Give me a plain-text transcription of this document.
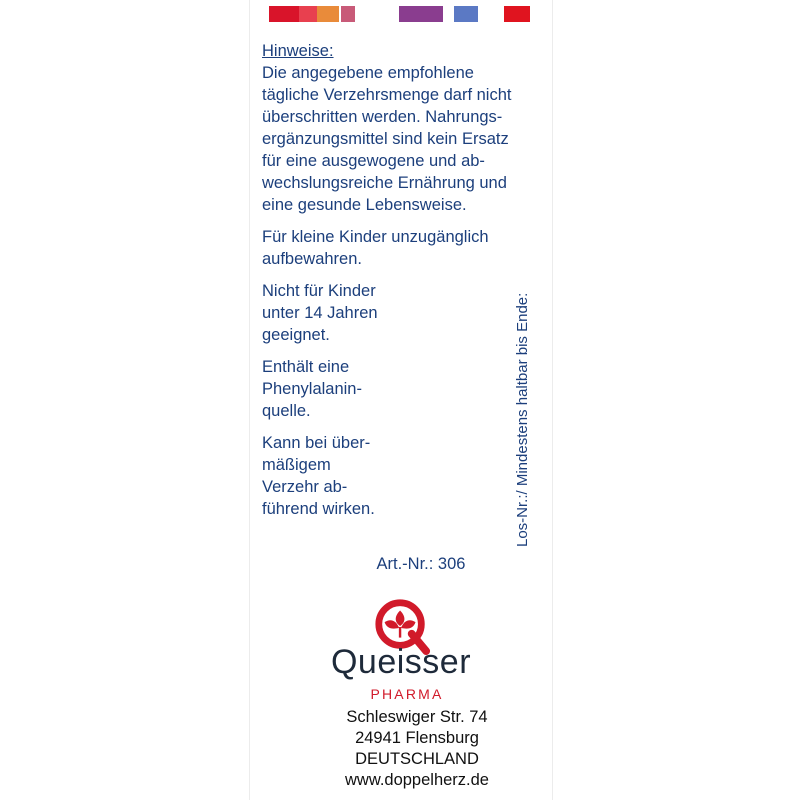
Hinweise:

Die angegebene empfohlene
tägliche Verzehrsmenge darf nicht
überschritten werden. Nahrungs-
ergänzungsmittel sind kein Ersatz
für eine ausgewogene und ab-
wechslungsreiche Ernährung und
eine gesunde Lebensweise.

Für kleine Kinder unzugänglich
aufbewahren.

Nicht für Kinder
unter 14 Jahren
geeignet.

Enthält eine
Phenylalanin-
quelle.

Kann bei über-
mäßigem
Verzehr ab-
führend wirken.	Los-Nr.:/ Mindestens haltbar bis Ende:
Art.-Nr.: 306
Queisser
PHARMA
Schleswiger Str. 74
24941 Flensburg
DEUTSCHLAND
www.doppelherz.de
